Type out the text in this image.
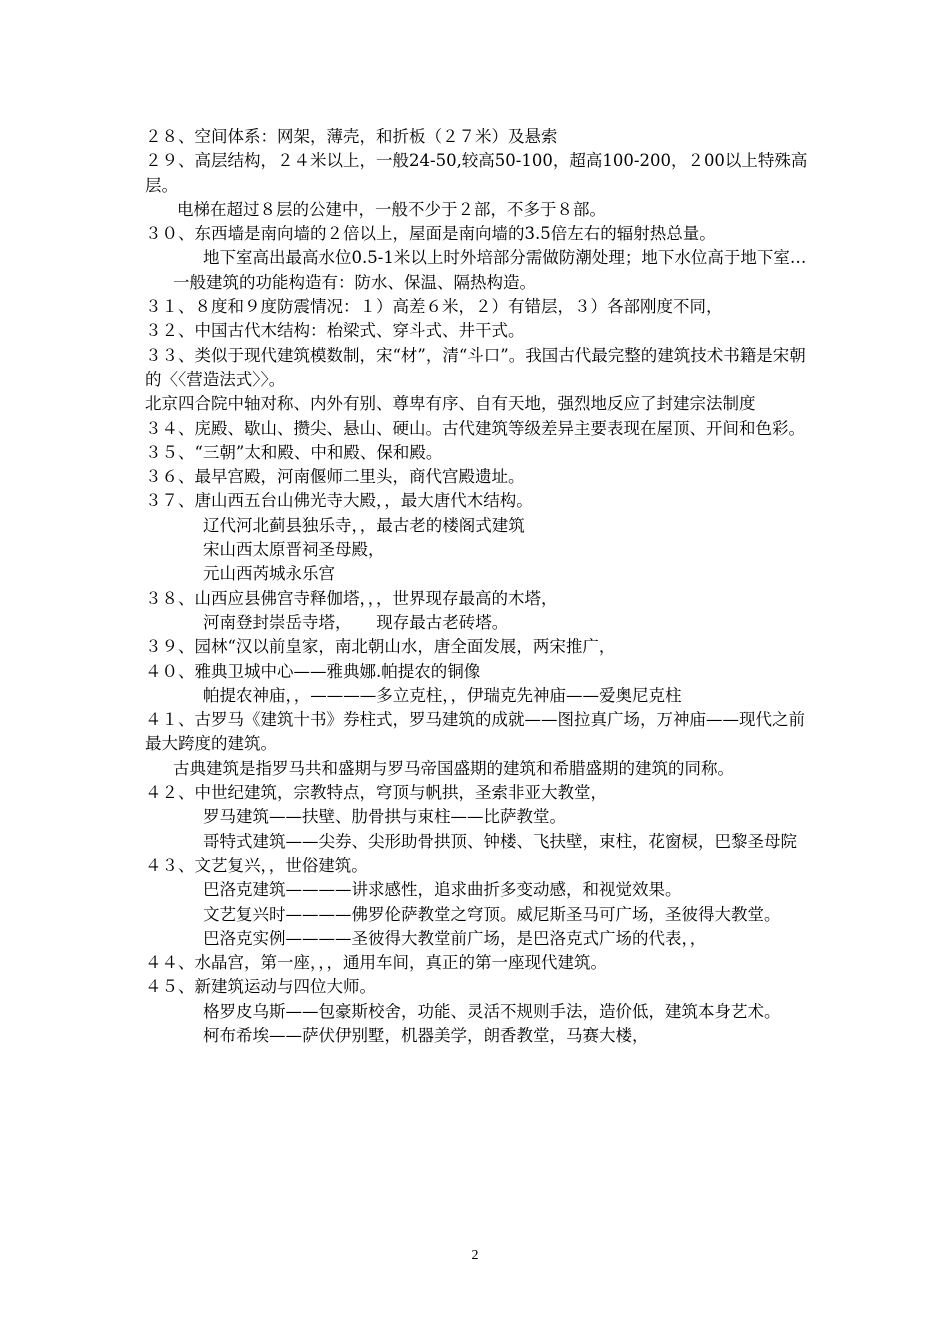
２８、空间体系：网架，薄壳，和折板（２７米）及悬索

２９、高层结构，２４米以上，一般24-50,较高50-100，超高100-200，２00以上特殊高层。

电梯在超过８层的公建中，一般不少于２部，不多于８部。

３０、东西墙是南向墙的２倍以上，屋面是南向墙的3.5倍左右的辐射热总量。

地下室高出最高水位0.5-1米以上时外培部分需做防潮处理；地下水位高于地下室…

一般建筑的功能构造有：防水、保温、隔热构造。

３１、８度和９度防震情况：１）高差６米，２）有错层，３）各部刚度不同，

３２、中国古代木结构：枱梁式、穿斗式、井干式。

３３、类似于现代建筑模数制，宋“材”，清“斗口”。我国古代最完整的建筑技术书籍是宋朝的〈〈营造法式〉〉。

北京四合院中轴对称、内外有别、尊卑有序、自有天地，强烈地反应了封建宗法制度

３４、庑殿、歇山、攒尖、悬山、硬山。古代建筑等级差异主要表现在屋顶、开间和色彩。

３５、“三朝”太和殿、中和殿、保和殿。

３６、最早宫殿，河南偃师二里头，商代宫殿遗址。

３７、唐山西五台山佛光寺大殿，，最大唐代木结构。

辽代河北蓟县独乐寺，，最古老的楼阁式建筑

宋山西太原晋祠圣母殿，

元山西芮城永乐宫

３８、山西应县佛宫寺释伽塔，，，世界现存最高的木塔，

河南登封崇岳寺塔，　　现存最古老砖塔。

３９、园林“汉以前皇家，南北朝山水，唐全面发展，两宋推广，

４０、雅典卫城中心——雅典娜.帕提农的铜像

帕提农神庙，，————多立克柱，，伊瑞克先神庙——爱奥尼克柱

４１、古罗马《建筑十书》券柱式，罗马建筑的成就——图拉真广场，万神庙——现代之前最大跨度的建筑。

古典建筑是指罗马共和盛期与罗马帝国盛期的建筑和希腊盛期的建筑的同称。

４２、中世纪建筑，宗教特点，穹顶与帆拱，圣索非亚大教堂，

罗马建筑——扶壁、肋骨拱与束柱——比萨教堂。

哥特式建筑——尖券、尖形助骨拱顶、钟楼、飞扶壁，束柱，花窗棂，巴黎圣母院

４３、文艺复兴，，世俗建筑。

巴洛克建筑————讲求感性，追求曲折多变动感，和视觉效果。

文艺复兴时————佛罗伦萨教堂之穹顶。威尼斯圣马可广场，圣彼得大教堂。

巴洛克实例————圣彼得大教堂前广场，是巴洛克式广场的代表，，

４４、水晶宫，第一座，，，通用车间，真正的第一座现代建筑。

４５、新建筑运动与四位大师。

格罗皮乌斯——包豪斯校舍，功能、灵活不规则手法，造价低，建筑本身艺术。

柯布希埃——萨伏伊别墅，机器美学，朗香教堂，马赛大楼，

2
